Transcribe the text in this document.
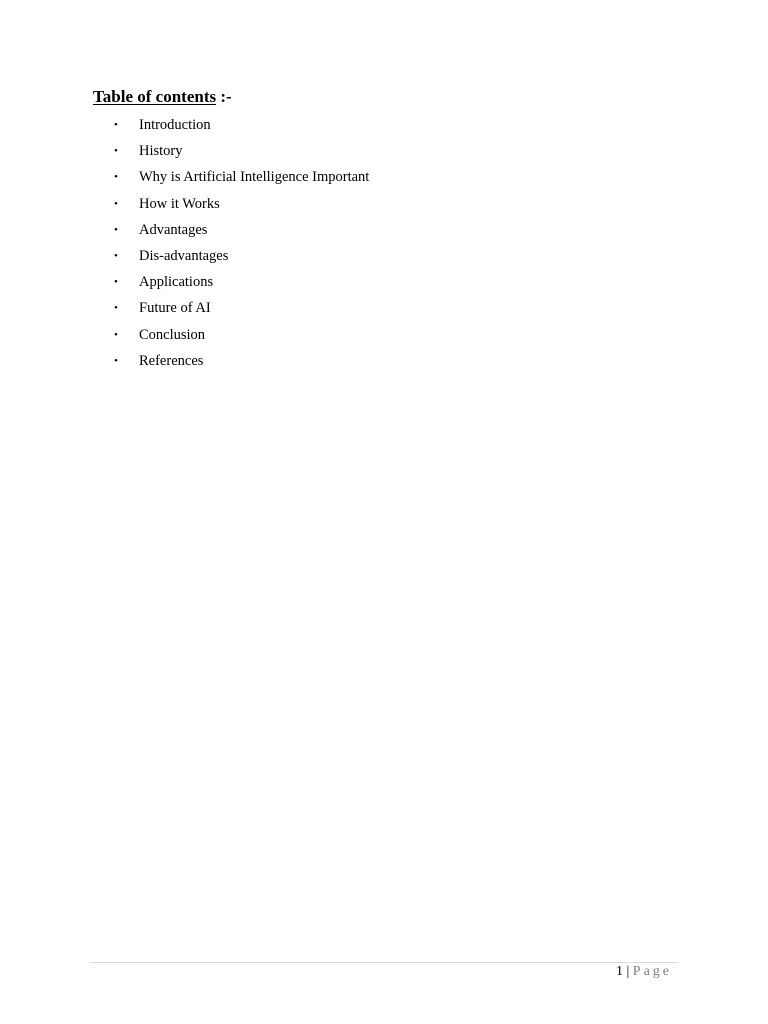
Table of contents :-
• Introduction
• History
• Why is Artificial Intelligence Important
• How it Works
• Advantages
• Dis-advantages
• Applications
• Future of AI
• Conclusion
• References
1 | Page
